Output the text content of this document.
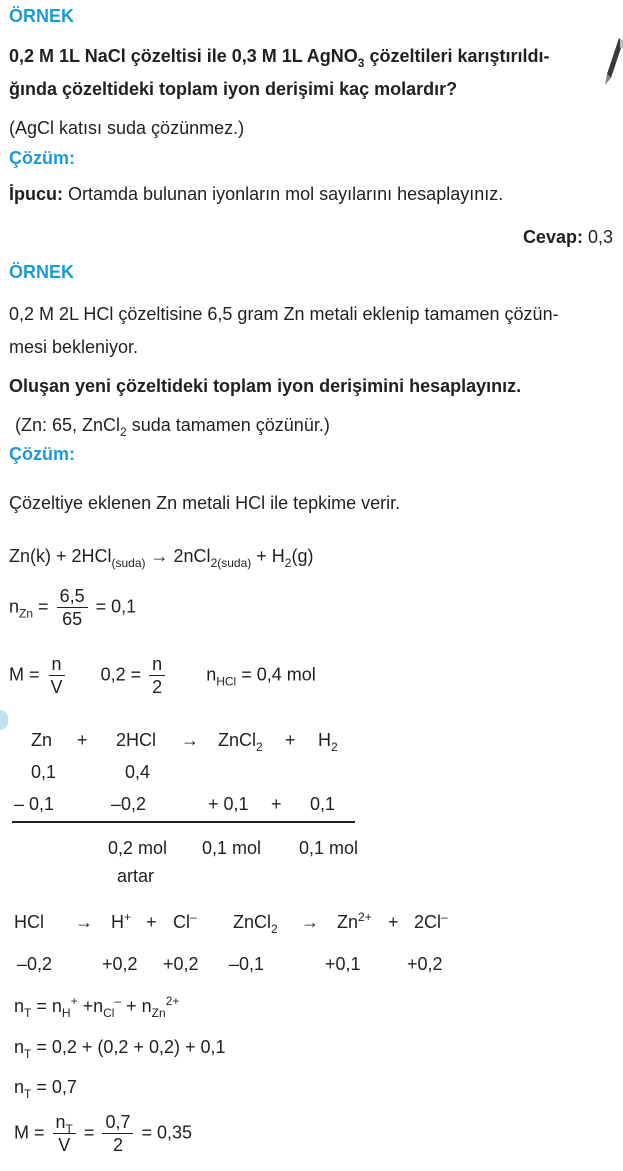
ÖRNEK
0,2 M 1L NaCl çözeltisi ile 0,3 M 1L AgNO$_3$ çözeltileri karıştırıldı-
ğında çözeltideki toplam iyon derişimi kaç molardır?
(AgCl katısı suda çözünmez.)
Çözüm:
İpucu: Ortamda bulunan iyonların mol sayılarını hesaplayınız.
Cevap: 0,3
ÖRNEK
0,2 M 2L HCl çözeltisine 6,5 gram Zn metali eklenip tamamen çözün-
mesi bekleniyor.
Oluşan yeni çözeltideki toplam iyon derişimini hesaplayınız.
(Zn: 65, ZnCl$_2$ suda tamamen çözünür.)
Çözüm:
Çözeltiye eklenen Zn metali HCl ile tepkime verir.
$Zn(k) + 2HCl_{(suda)} \to 2nCl_{2(suda)} + H_2(g)$
$n_{Zn} = \frac{6,5}{65} = 0,1$
$M = \frac{n}{V} 0,2 = \frac{n}{2} n_{HCl} = 0,4$ mol
Zn + 2HCl → ZnCl$_2$ + $H_2$
0,1	0,4
– 0,1	–0,2	+ 0,1 + 0,1
0,2 mol 0,1 mol 0,1 mol
artar
HCl → H+ + Cl– ZnCl$_2$ → $Zn^{2+} + 2Cl^-$
–0,2	+0,2 +0,2 –0,1	+0,1	+0,2
$n_T = n_H^+ +n_{Cl}^- + n_{Zn}^{2+}$
$n_T = 0,2 + (0,2 + 0,2) + 0,1$
$n_T = 0,7$
$M = \frac{n_T}{V} = \frac{0,7}{2} = 0,35$
